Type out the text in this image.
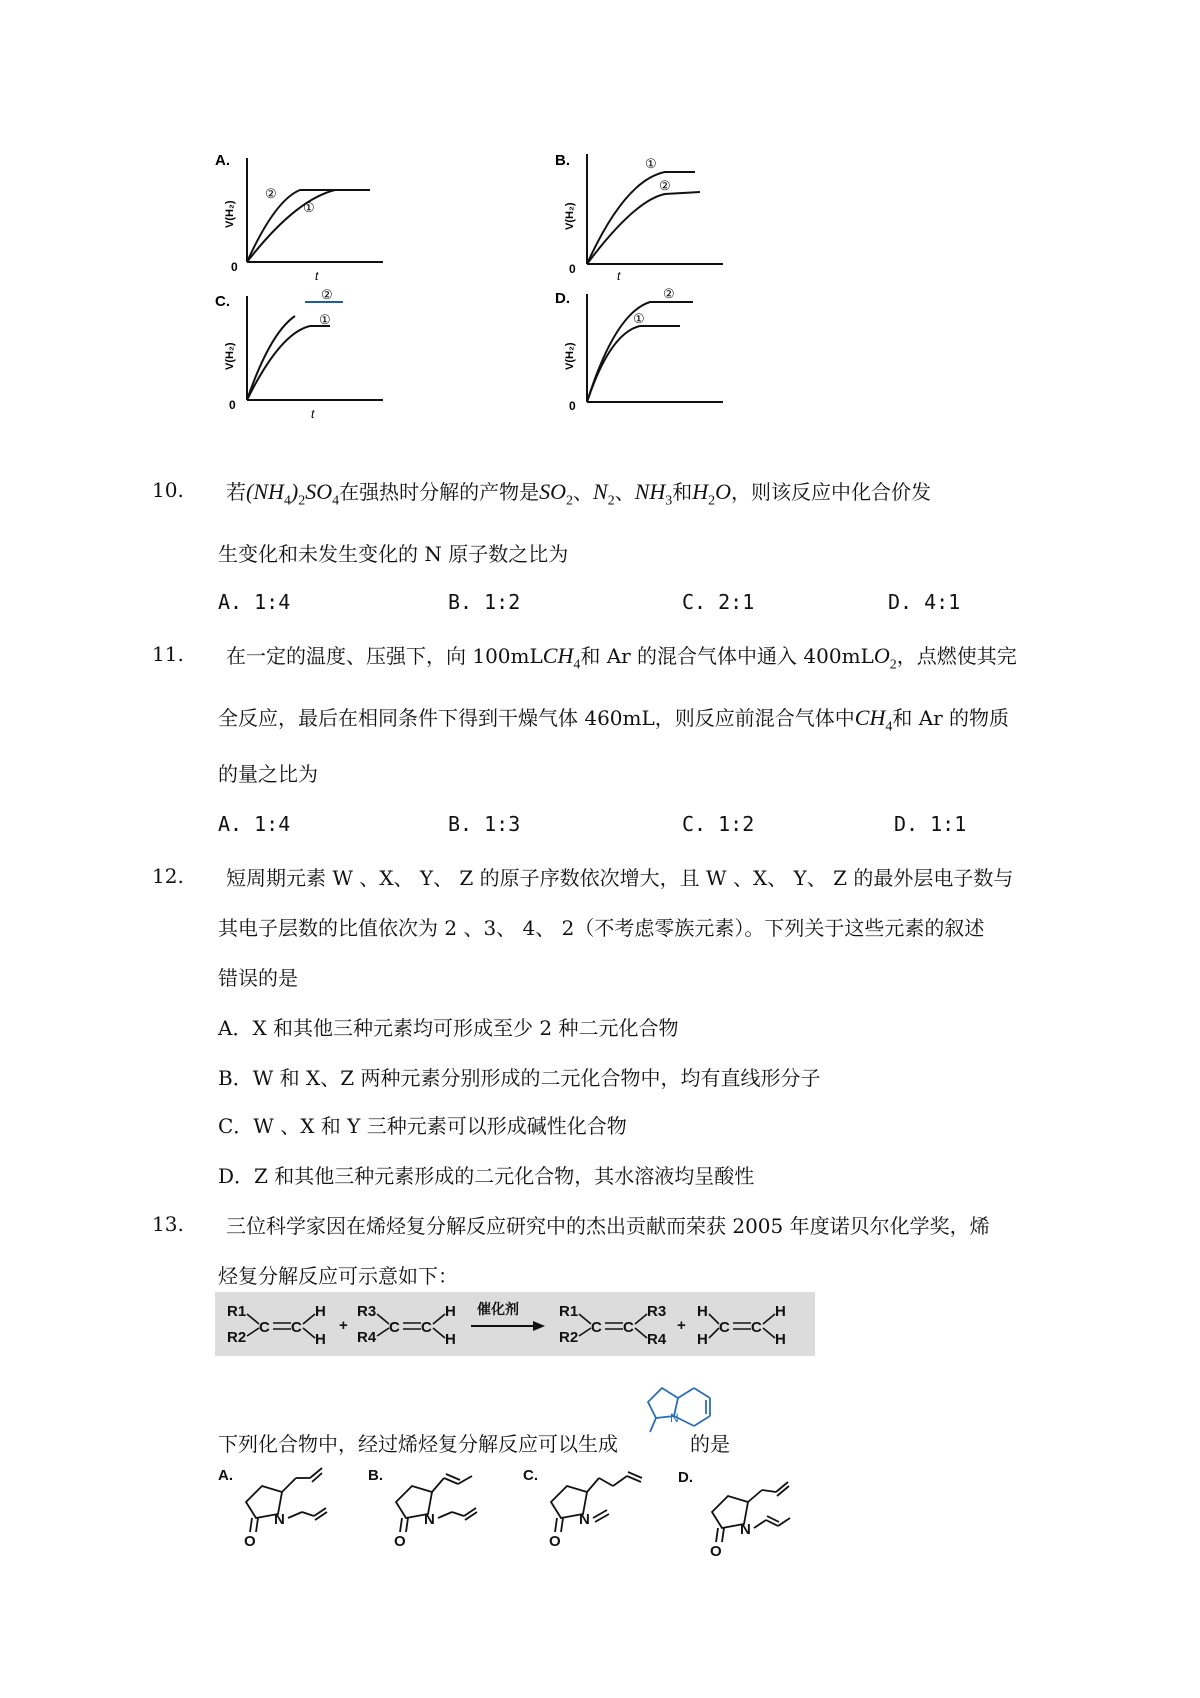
A.
0
t
V(H₂)
②
①
B.
0	t
V(H₂)
①
②
C.
0
t
V(H₂)
②
①
D.
0
V(H₂)
②
①
10. 若$(NH_4)_2SO_4$在强热时分解的产物是$SO_2$、$N_2$、$NH_3$和$H_2O$，则该反应中化合价发
生变化和未发生变化的 N 原子数之比为
A. 1:4	B. 1:2	C. 2:1	D. 4:1
11. 在一定的温度、压强下，向 100mLCH$_4$和 Ar 的混合气体中通入 400mLO$_2$，点燃使其完
全反应，最后在相同条件下得到干燥气体 460mL，则反应前混合气体中$CH_4$和 Ar 的物质
的量之比为
A. 1:4	B. 1:3	C. 1:2	D. 1:1
12. 短周期元素 W 、X、 Y、 Z 的原子序数依次增大，且 W 、X、 Y、 Z 的最外层电子数与
其电子层数的比值依次为 2 、3、 4、 2（不考虑零族元素）。下列关于这些元素的叙述
错误的是
A．X 和其他三种元素均可形成至少 2 种二元化合物
B．W 和 X、Z 两种元素分别形成的二元化合物中，均有直线形分子
C．W 、X 和 Y 三种元素可以形成碱性化合物
D．Z 和其他三种元素形成的二元化合物，其水溶液均呈酸性
13. 三位科学家因在烯烃复分解反应研究中的杰出贡献而荣获 2005 年度诺贝尔化学奖，烯
烃复分解反应可示意如下：
R1
R2
C C
H
H
+
R3
R4
C C
H
H
催化剂	R1
R2
C C
R3
R4
+
H
H
C C
H
H
下列化合物中，经过烯烃复分解反应可以生成	的是
N
A.
N
O
B.
N
O
C.
N
O
D.
N
O
